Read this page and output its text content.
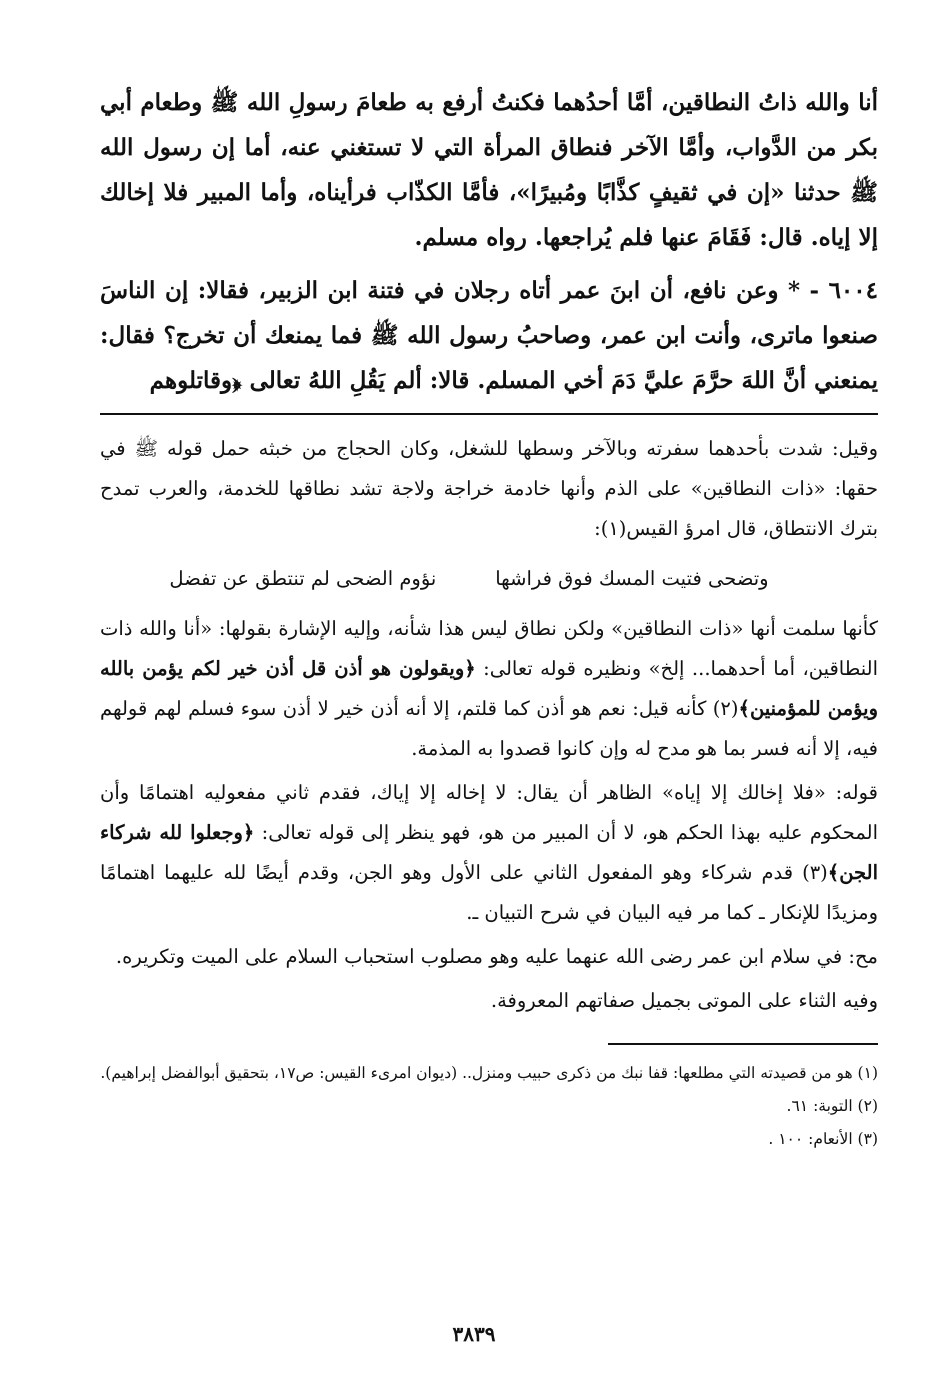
أنا والله ذاتُ النطاقين، أمَّا أحدُهما فكنتُ أرفع به طعامَ رسولِ الله ﷺ وطعام أبي بكر من الدَّواب، وأمَّا الآخر فنطاق المرأة التي لا تستغني عنه، أما إن رسول الله ﷺ حدثنا «إن في ثقيفٍ كذَّابًا ومُبيرًا»، فأمَّا الكذّاب فرأيناه، وأما المبير فلا إخالك إلا إياه. قال: فَقَامَ عنها فلم يُراجعها. رواه مسلم.

٦٠٠٤ - * وعن نافع، أن ابنَ عمر أتاه رجلان في فتنة ابن الزبير، فقالا: إن الناسَ صنعوا ماترى، وأنت ابن عمر، وصاحبُ رسول الله ﷺ فما يمنعك أن تخرج؟ فقال: يمنعني أنَّ اللهَ حرَّمَ عليَّ دَمَ أخي المسلم. قالا: ألم يَقُلِ اللهُ تعالى ﴿وقاتلوهم

وقيل: شدت بأحدهما سفرته وبالآخر وسطها للشغل، وكان الحجاج من خبثه حمل قوله ﷺ في حقها: «ذات النطاقين» على الذم وأنها خادمة خراجة ولاجة تشد نطاقها للخدمة، والعرب تمدح بترك الانتطاق، قال امرؤ القيس(١):

وتضحى فتيت المسك فوق فراشها
نؤوم الضحى لم تنتطق عن تفضل

كأنها سلمت أنها «ذات النطاقين» ولكن نطاق ليس هذا شأنه، وإليه الإشارة بقولها: «أنا والله ذات النطاقين، أما أحدهما... إلخ» ونظيره قوله تعالى: ﴿ويقولون هو أذن قل أذن خير لكم يؤمن بالله ويؤمن للمؤمنين﴾(٢) كأنه قيل: نعم هو أذن كما قلتم، إلا أنه أذن خير لا أذن سوء فسلم لهم قولهم فيه، إلا أنه فسر بما هو مدح له وإن كانوا قصدوا به المذمة.

قوله: «فلا إخالك إلا إياه» الظاهر أن يقال: لا إخاله إلا إياك، فقدم ثاني مفعوليه اهتمامًا وأن المحكوم عليه بهذا الحكم هو، لا أن المبير من هو، فهو ينظر إلى قوله تعالى: ﴿وجعلوا لله شركاء الجن﴾(٣) قدم شركاء وهو المفعول الثاني على الأول وهو الجن، وقدم أيضًا لله عليهما اهتمامًا ومزيدًا للإنكار ـ كما مر فيه البيان في شرح التبيان ـ.

مح: في سلام ابن عمر رضى الله عنهما عليه وهو مصلوب استحباب السلام على الميت وتكريره.

وفيه الثناء على الموتى بجميل صفاتهم المعروفة.

(١) هو من قصيدته التي مطلعها: قفا نبك من ذكرى حبيب ومنزل.. (ديوان امرىء القيس: ص١٧، بتحقيق أبوالفضل إبراهيم).

(٢) التوبة: ٦١.

(٣) الأنعام: ١٠٠ .

٣٨٣٩
